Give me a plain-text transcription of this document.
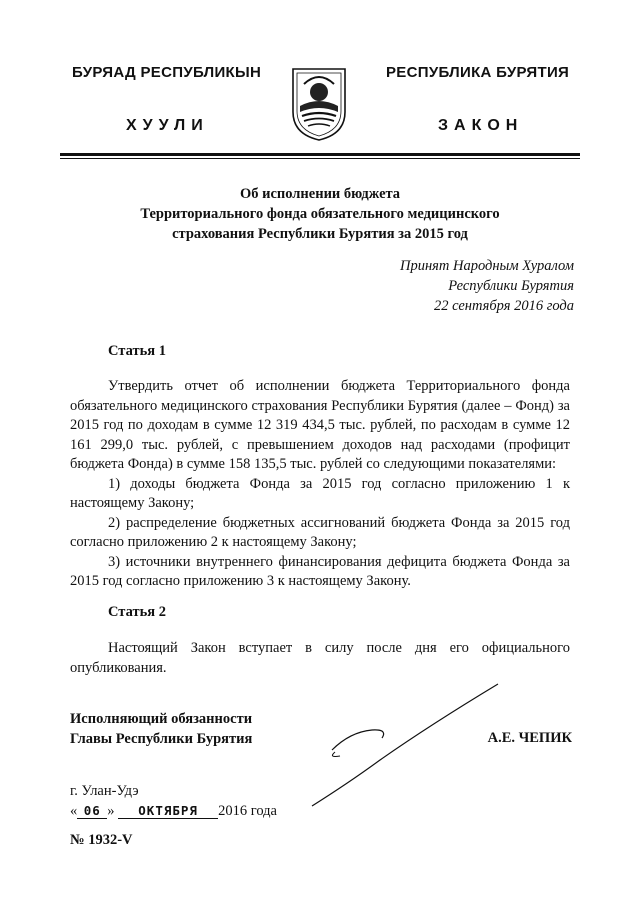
БУРЯАД РЕСПУБЛИКЫН
ХУУЛИ
РЕСПУБЛИКА БУРЯТИЯ
ЗАКОН
Об исполнении бюджета
Территориального фонда обязательного медицинского
страхования Республики Бурятия за 2015 год
Принят Народным Хуралом
Республики Бурятия
22 сентября 2016 года
Статья 1

Утвердить отчет об исполнении бюджета Территориального фонда обязательного медицинского страхования Республики Бурятия (далее – Фонд) за 2015 год по доходам в сумме 12 319 434,5 тыс. рублей, по расходам в сумме 12 161 299,0 тыс. рублей, с превышением доходов над расходами (профицит бюджета Фонда) в сумме 158 135,5 тыс. рублей со следующими показателями:

1) доходы бюджета Фонда за 2015 год согласно приложению 1 к настоящему Закону;

2) распределение бюджетных ассигнований бюджета Фонда за 2015 год согласно приложению 2 к настоящему Закону;

3) источники внутреннего финансирования дефицита бюджета Фонда за 2015 год согласно приложению 3 к настоящему Закону.

Статья 2

Настоящий Закон вступает в силу после дня его официального опубликования.

Исполняющий обязанности
Главы Республики Бурятия	А.Е. ЧЕПИК
г. Улан-Удэ
« 06 » ОКТЯБРЯ 2016 года
№ 1932-V
